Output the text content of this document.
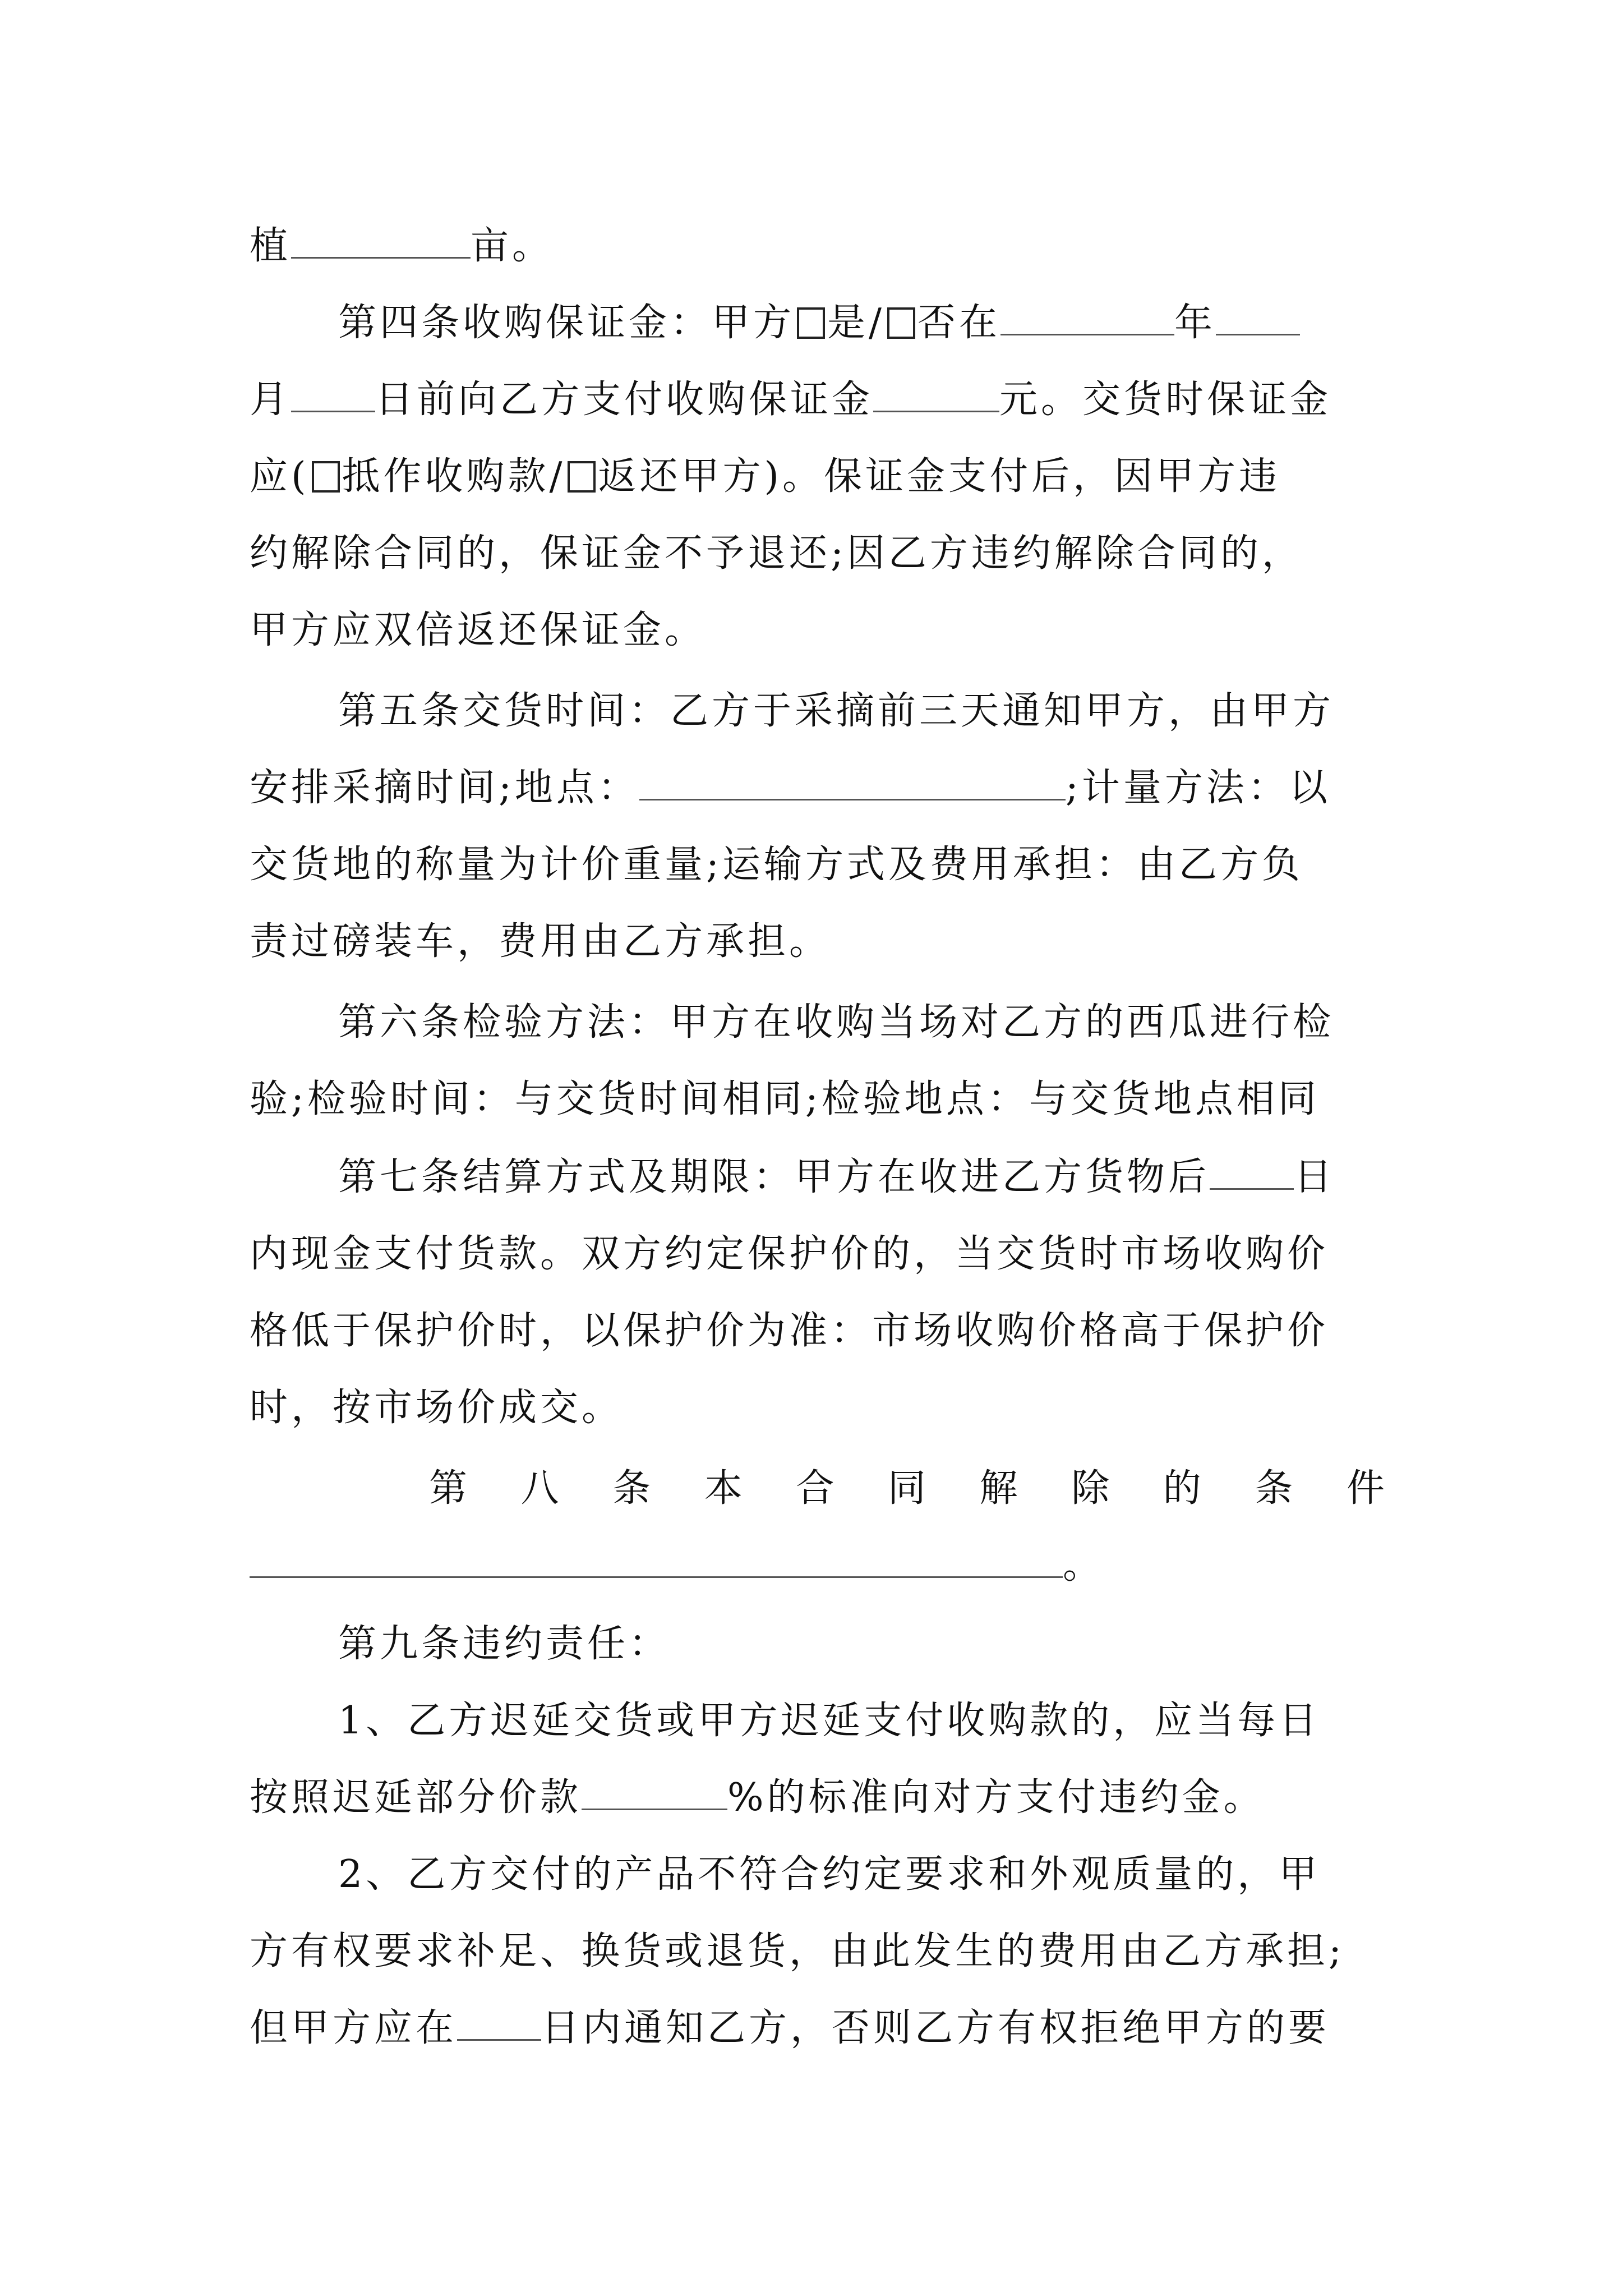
植	亩。
第四条收购保证金：甲方 是/ 否在	年
月 日前向乙方支付收购保证金	元。交货时保证金
应( 抵作收购款/ 返还甲方)。保证金支付后，因甲方违
约解除合同的，保证金不予退还;因乙方违约解除合同的，
甲方应双倍返还保证金。
第五条交货时间：乙方于采摘前三天通知甲方，由甲方
安排采摘时间;地点：	;计量方法：以
交货地的称量为计价重量;运输方式及费用承担：由乙方负
责过磅装车，费用由乙方承担。
第六条检验方法：甲方在收购当场对乙方的西瓜进行检
验;检验时间：与交货时间相同;检验地点：与交货地点相同
第七条结算方式及期限：甲方在收进乙方货物后 日
内现金支付货款。双方约定保护价的，当交货时市场收购价
格低于保护价时，以保护价为准：市场收购价格高于保护价
时，按市场价成交。
第 八 条 本 合 同 解 除 的 条 件
。
第九条违约责任：
1、乙方迟延交货或甲方迟延支付收购款的，应当每日
按照迟延部分价款	%的标准向对方支付违约金。
2、乙方交付的产品不符合约定要求和外观质量的，甲
方有权要求补足、换货或退货，由此发生的费用由乙方承担;
但甲方应在 日内通知乙方，否则乙方有权拒绝甲方的要
